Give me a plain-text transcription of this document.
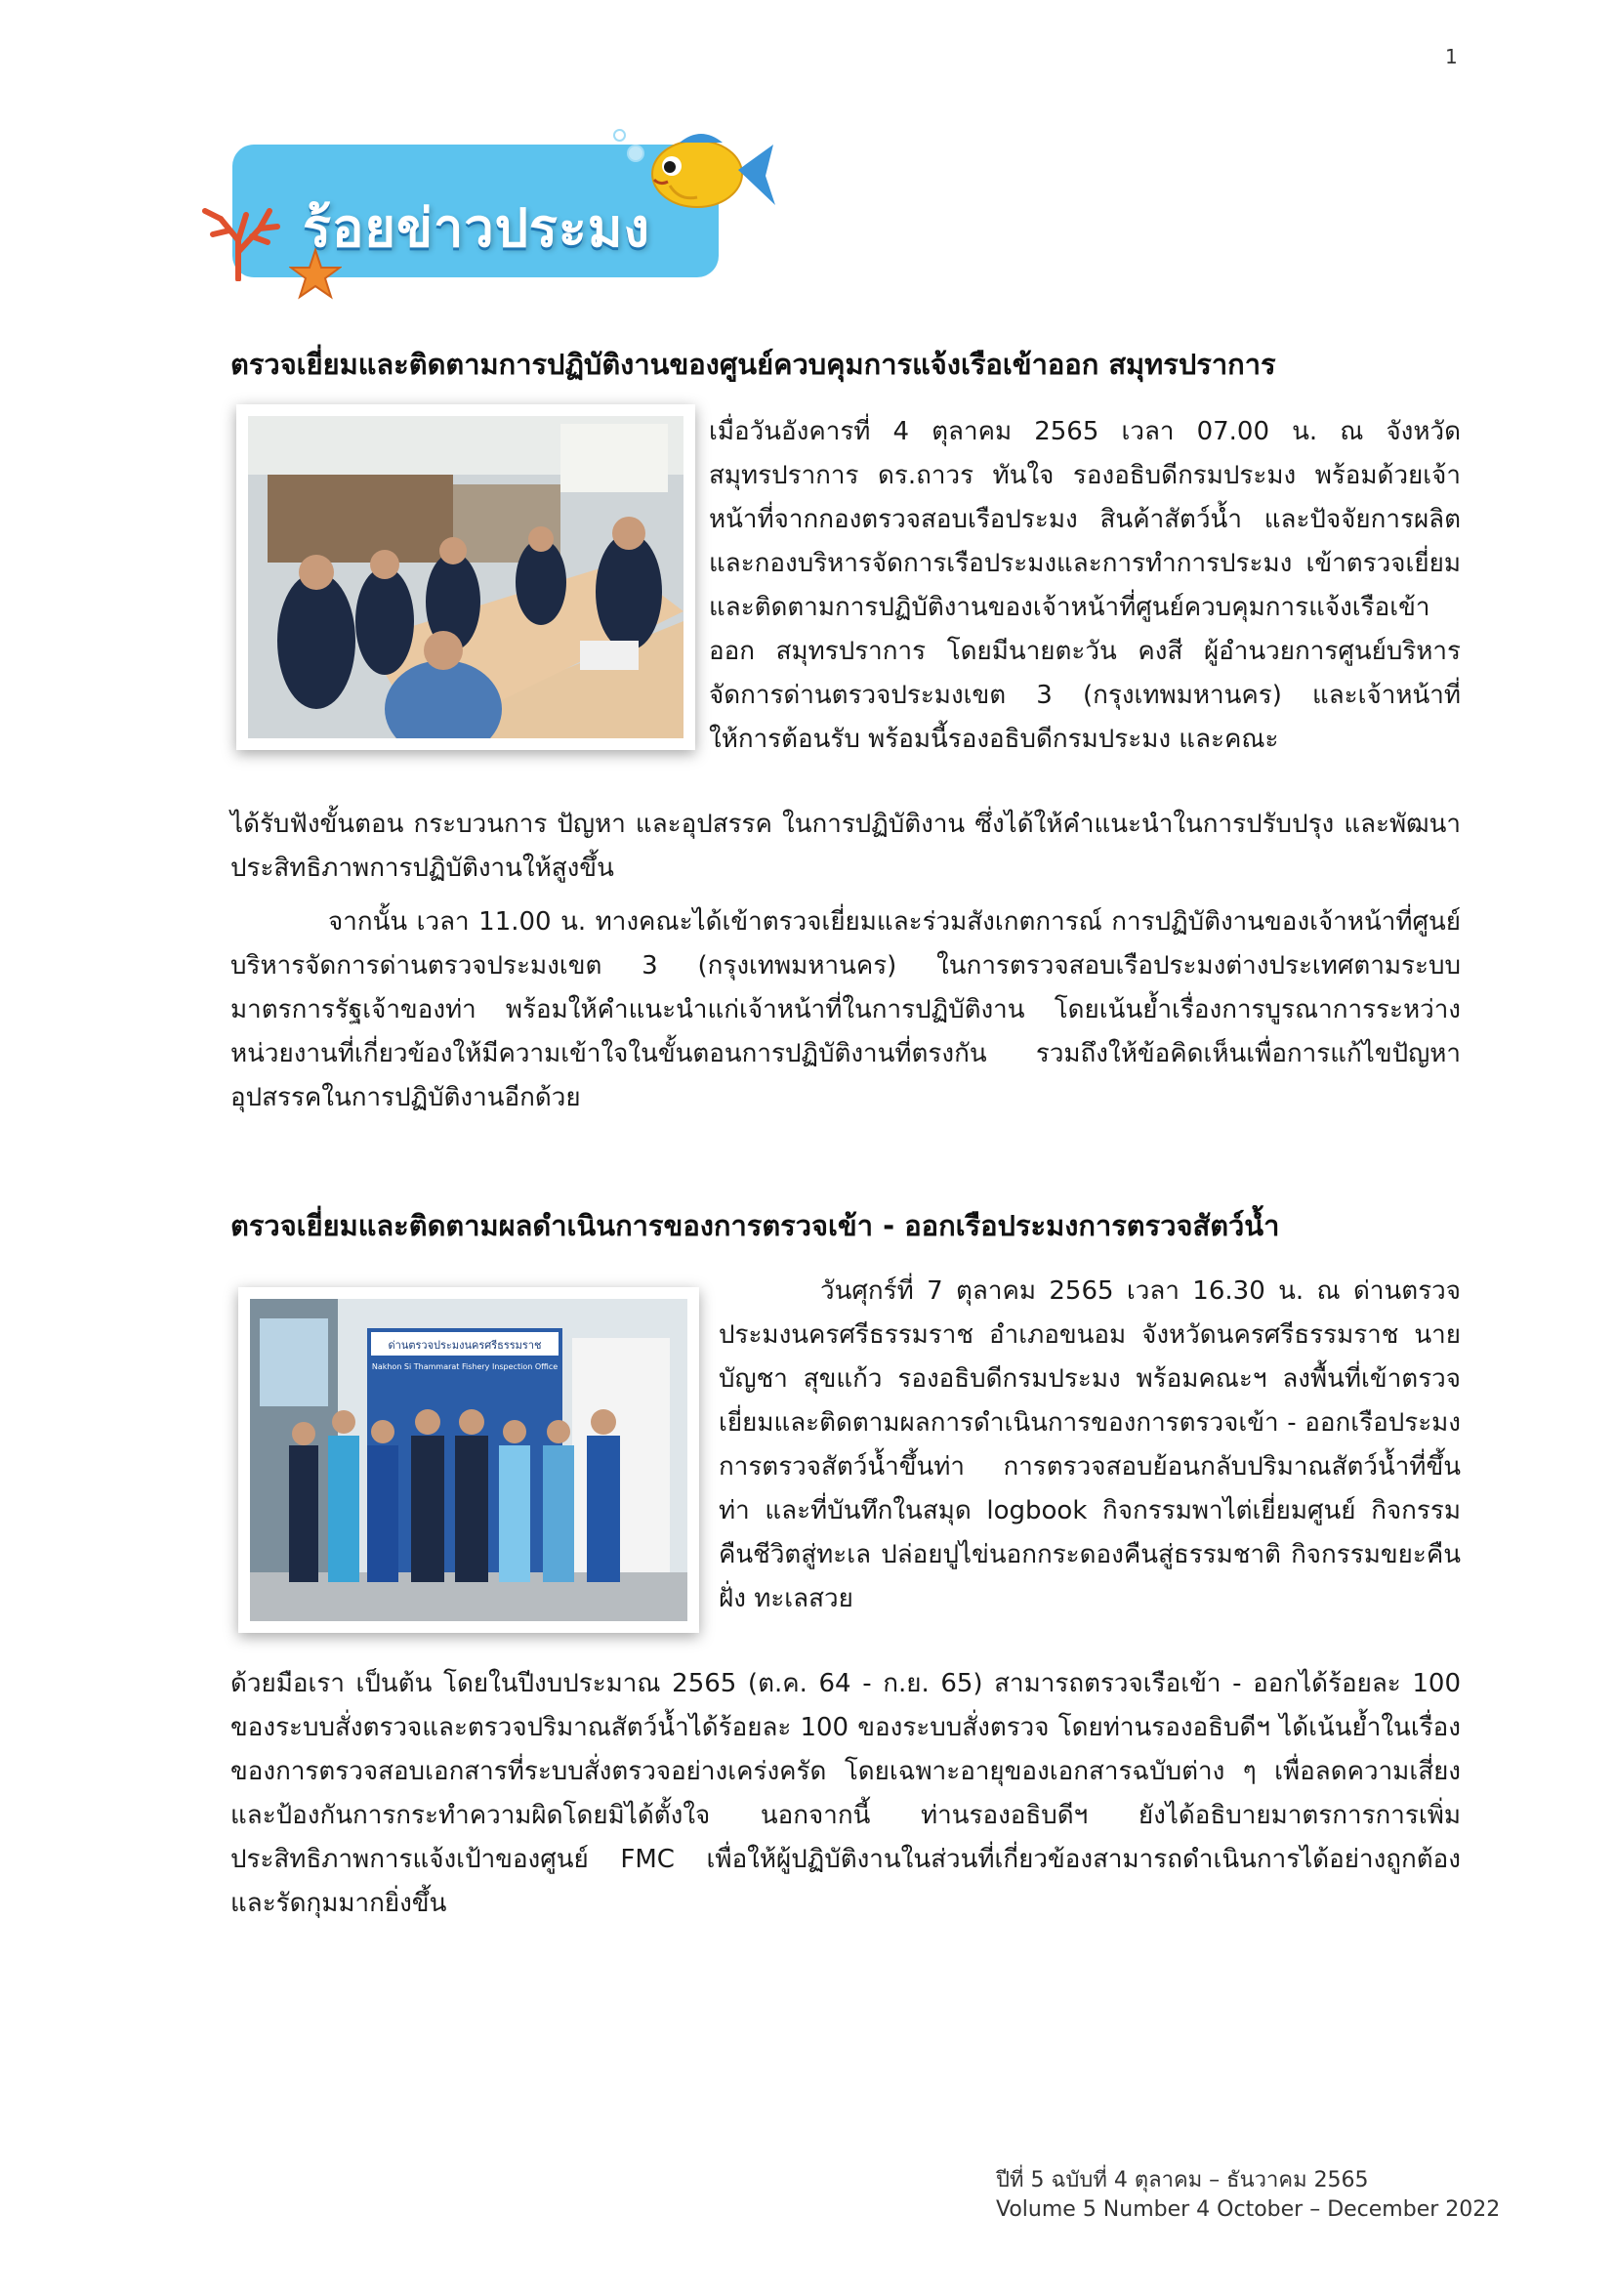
1
ร้อยข่าวประมง
ตรวจเยี่ยมและติดตามการปฏิบัติงานของศูนย์ควบคุมการแจ้งเรือเข้าออก สมุทรปราการ

เมื่อวันอังคารที่ 4 ตุลาคม 2565 เวลา 07.00 น. ณ จังหวัดสมุทรปราการ ดร.ถาวร ทันใจ รองอธิบดีกรมประมง พร้อมด้วยเจ้าหน้าที่จากกองตรวจสอบเรือประมง สินค้าสัตว์น้ำ และปัจจัยการผลิตและกองบริหารจัดการเรือประมงและการทำการประมง เข้าตรวจเยี่ยมและติดตามการปฏิบัติงานของเจ้าหน้าที่ศูนย์ควบคุมการแจ้งเรือเข้าออก สมุทรปราการ โดยมีนายตะวัน คงสี ผู้อำนวยการศูนย์บริหารจัดการด่านตรวจประมงเขต 3 (กรุงเทพมหานคร) และเจ้าหน้าที่ให้การต้อนรับ พร้อมนี้รองอธิบดีกรมประมง และคณะ

ได้รับฟังขั้นตอน กระบวนการ ปัญหา และอุปสรรค ในการปฏิบัติงาน ซึ่งได้ให้คำแนะนำในการปรับปรุง และพัฒนาประสิทธิภาพการปฏิบัติงานให้สูงขึ้น

จากนั้น เวลา 11.00 น. ทางคณะได้เข้าตรวจเยี่ยมและร่วมสังเกตการณ์ การปฏิบัติงานของเจ้าหน้าที่ศูนย์บริหารจัดการด่านตรวจประมงเขต 3 (กรุงเทพมหานคร) ในการตรวจสอบเรือประมงต่างประเทศตามระบบมาตรการรัฐเจ้าของท่า พร้อมให้คำแนะนำแก่เจ้าหน้าที่ในการปฏิบัติงาน โดยเน้นย้ำเรื่องการบูรณาการระหว่างหน่วยงานที่เกี่ยวข้องให้มีความเข้าใจในขั้นตอนการปฏิบัติงานที่ตรงกัน รวมถึงให้ข้อคิดเห็นเพื่อการแก้ไขปัญหาอุปสรรคในการปฏิบัติงานอีกด้วย

ตรวจเยี่ยมและติดตามผลดำเนินการของการตรวจเข้า - ออกเรือประมงการตรวจสัตว์น้ำ
ด่านตรวจประมงนครศรีธรรมราช
Nakhon Si Thammarat Fishery Inspection Office

วันศุกร์ที่ 7 ตุลาคม 2565 เวลา 16.30 น. ณ ด่านตรวจประมงนครศรีธรรมราช อำเภอขนอม จังหวัดนครศรีธรรมราช นายบัญชา สุขแก้ว รองอธิบดีกรมประมง พร้อมคณะฯ ลงพื้นที่เข้าตรวจเยี่ยมและติดตามผลการดำเนินการของการตรวจเข้า - ออกเรือประมงการตรวจสัตว์น้ำขึ้นท่า การตรวจสอบย้อนกลับปริมาณสัตว์น้ำที่ขึ้นท่า และที่บันทึกในสมุด logbook กิจกรรมพาไต่เยี่ยมศูนย์ กิจกรรมคืนชีวิตสู่ทะเล ปล่อยปูไข่นอกกระดองคืนสู่ธรรมชาติ กิจกรรมขยะคืนฝั่ง ทะเลสวย

ด้วยมือเรา เป็นต้น โดยในปีงบประมาณ 2565 (ต.ค. 64 - ก.ย. 65) สามารถตรวจเรือเข้า - ออกได้ร้อยละ 100 ของระบบสั่งตรวจและตรวจปริมาณสัตว์น้ำได้ร้อยละ 100 ของระบบสั่งตรวจ โดยท่านรองอธิบดีฯ ได้เน้นย้ำในเรื่องของการตรวจสอบเอกสารที่ระบบสั่งตรวจอย่างเคร่งครัด โดยเฉพาะอายุของเอกสารฉบับต่าง ๆ เพื่อลดความเสี่ยงและป้องกันการกระทำความผิดโดยมิได้ตั้งใจ นอกจากนี้ ท่านรองอธิบดีฯ ยังได้อธิบายมาตรการการเพิ่มประสิทธิภาพการแจ้งเป้าของศูนย์ FMC เพื่อให้ผู้ปฏิบัติงานในส่วนที่เกี่ยวข้องสามารถดำเนินการได้อย่างถูกต้อง และรัดกุมมากยิ่งขึ้น

ปีที่ 5 ฉบับที่ 4 ตุลาคม – ธันวาคม 2565
Volume 5 Number 4 October – December 2022
